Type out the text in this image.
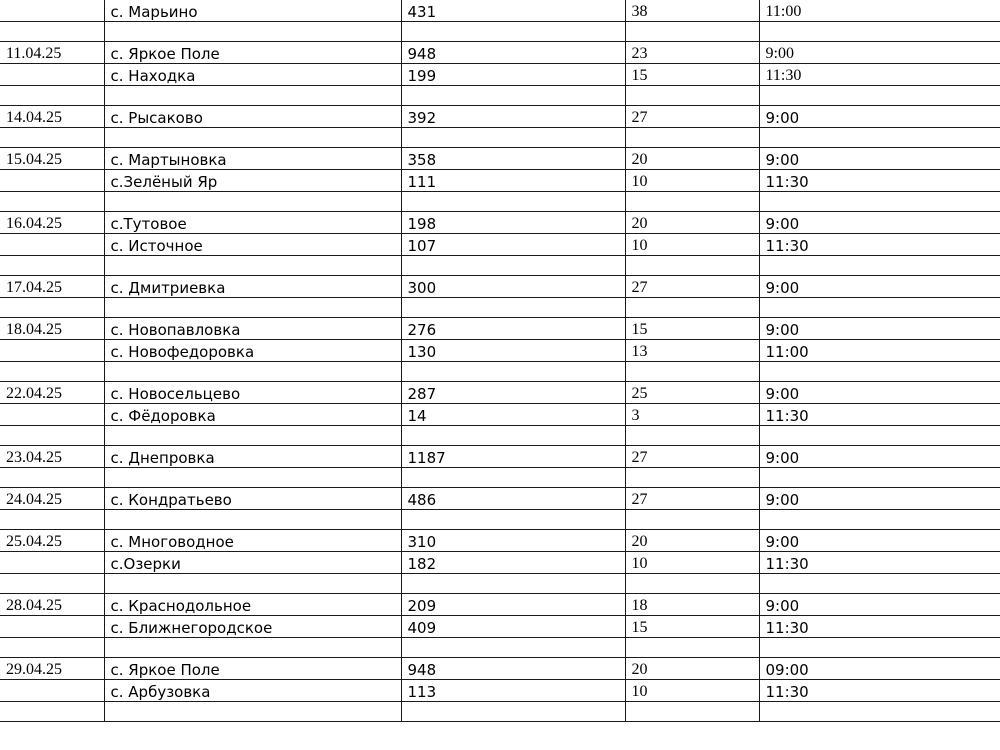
	с. Марьино	431	38	11:00

11.04.25	с. Яркое Поле	948	23	9:00
	с. Находка	199	15	11:30

14.04.25	с. Рысаково	392	27	9:00

15.04.25	с. Мартыновка	358	20	9:00
	с.Зелёный Яр	111	10	11:30

16.04.25	с.Тутовое	198	20	9:00
	с. Источное	107	10	11:30

17.04.25	с. Дмитриевка	300	27	9:00

18.04.25	с. Новопавловка	276	15	9:00
	с. Новофедоровка	130	13	11:00

22.04.25	с. Новосельцево	287	25	9:00
	с. Фёдоровка	14	3	11:30

23.04.25	с. Днепровка	1187	27	9:00

24.04.25	с. Кондратьево	486	27	9:00

25.04.25	с. Многоводное	310	20	9:00
	с.Озерки	182	10	11:30

28.04.25	с. Краснодольное	209	18	9:00
	с. Ближнегородское	409	15	11:30

29.04.25	с. Яркое Поле	948	20	09:00
	с. Арбузовка	113	10	11:30
